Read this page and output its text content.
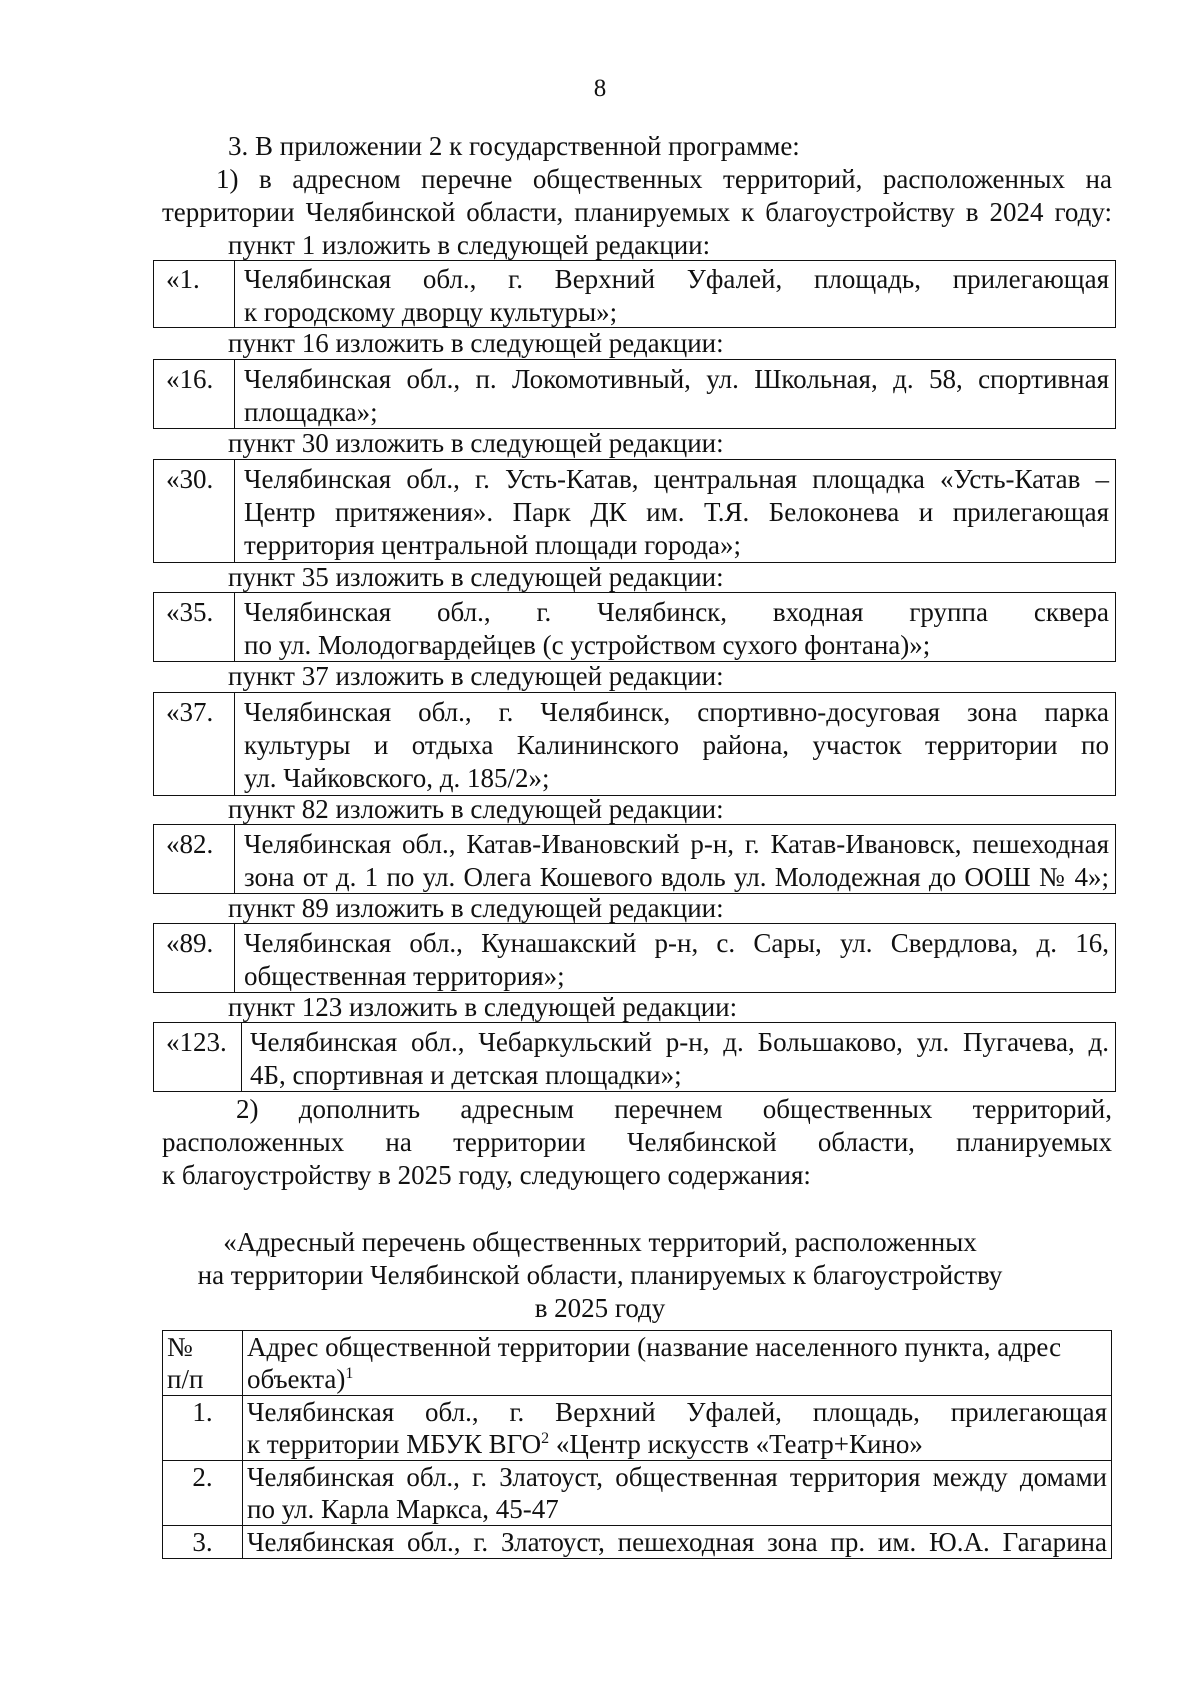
8
3. В приложении 2 к государственной программе:
1) в адресном перечне общественных территорий, расположенных на
территории Челябинской области, планируемых к благоустройству в 2024 году:
пункт 1 изложить в следующей редакции:
«1.	Челябинская обл., г. Верхний Уфалей, площадь, прилегающая
к городскому дворцу культуры»;
пункт 16 изложить в следующей редакции:
«16.	Челябинская обл., п. Локомотивный, ул. Школьная, д. 58, спортивная
площадка»;
пункт 30 изложить в следующей редакции:
«30.	Челябинская обл., г. Усть-Катав, центральная площадка «Усть-Катав –
Центр притяжения». Парк ДК им. Т.Я. Белоконева и прилегающая
территория центральной площади города»;
пункт 35 изложить в следующей редакции:
«35.	Челябинская обл., г. Челябинск, входная группа сквера
по ул. Молодогвардейцев (с устройством сухого фонтана)»;
пункт 37 изложить в следующей редакции:
«37.	Челябинская обл., г. Челябинск, спортивно-досуговая зона парка
культуры и отдыха Калининского района, участок территории по
ул. Чайковского, д. 185/2»;
пункт 82 изложить в следующей редакции:
«82.	Челябинская обл., Катав-Ивановский р-н, г. Катав-Ивановск, пешеходная
зона от д. 1 по ул. Олега Кошевого вдоль ул. Молодежная до ООШ № 4»;
пункт 89 изложить в следующей редакции:
«89.	Челябинская обл., Кунашакский р-н, с. Сары, ул. Свердлова, д. 16,
общественная территория»;
пункт 123 изложить в следующей редакции:
«123. Челябинская обл., Чебаркульский р-н, д. Большаково, ул. Пугачева, д.
4Б, спортивная и детская площадки»;
2) дополнить адресным перечнем общественных территорий,
расположенных на территории Челябинской области, планируемых
к благоустройству в 2025 году, следующего содержания:
«Адресный перечень общественных территорий, расположенных
на территории Челябинской области, планируемых к благоустройству
в 2025 году
№
п/п	Адрес общественной территории (название населенного пункта, адрес
объекта)$^1$

1.	Челябинская обл., г. Верхний Уфалей, площадь, прилегающая
к территории МБУК ВГО$^2$ «Центр искусств «Театр+Кино»

2.	Челябинская обл., г. Златоуст, общественная территория между домами
по ул. Карла Маркса, 45-47

3.	Челябинская обл., г. Златоуст, пешеходная зона пр. им. Ю.А. Гагарина
